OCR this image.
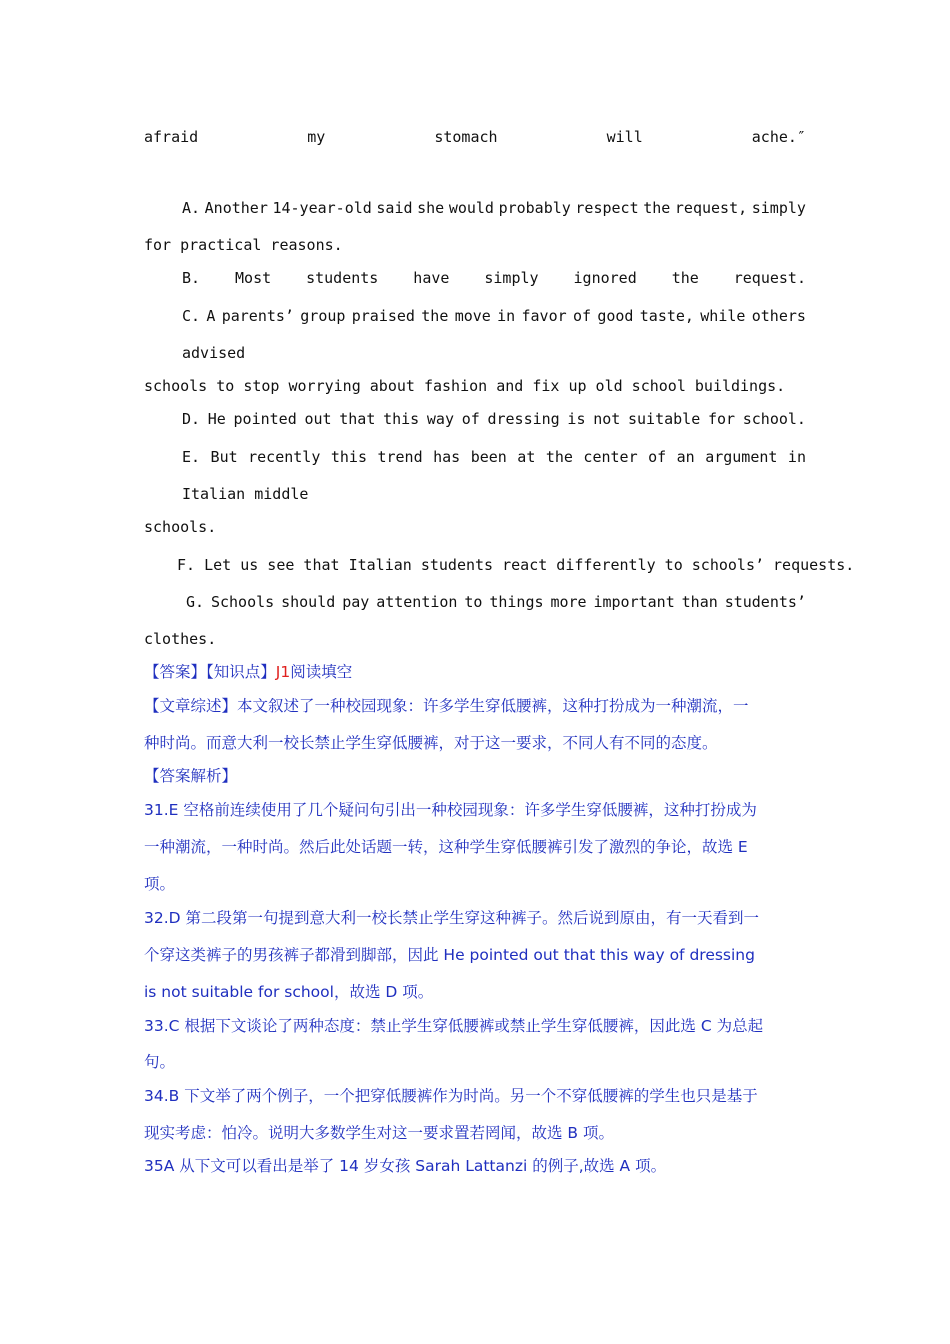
afraid	my	stomach	will	ache.″
A. Another 14-year-old said she would probably respect the request, simply
for practical reasons.
B. Most students have simply ignored the request.
C. A parents’ group praised the move in favor of good taste, while others
advised
schools to stop worrying about fashion and fix up old school buildings.
D. He pointed out that this way of dressing is not suitable for school.
E. But recently this trend has been at the center of an argument in
Italian middle
schools.
F. Let us see that Italian students react differently to schools’ requests.
G. Schools should pay attention to things more important than students’
clothes.
【答案】【知识点】J1阅读填空
【文章综述】本文叙述了一种校园现象：许多学生穿低腰裤，这种打扮成为一种潮流，一
种时尚。而意大利一校长禁止学生穿低腰裤，对于这一要求，不同人有不同的态度。
【答案解析】
31.E 空格前连续使用了几个疑问句引出一种校园现象：许多学生穿低腰裤，这种打扮成为
一种潮流，一种时尚。然后此处话题一转，这种学生穿低腰裤引发了激烈的争论，故选 E
项。
32.D 第二段第一句提到意大利一校长禁止学生穿这种裤子。然后说到原由，有一天看到一
个穿这类裤子的男孩裤子都滑到脚部，因此 He pointed out that this way of dressing
is not suitable for school，故选 D 项。
33.C 根据下文谈论了两种态度：禁止学生穿低腰裤或禁止学生穿低腰裤，因此选 C 为总起
句。
34.B 下文举了两个例子，一个把穿低腰裤作为时尚。另一个不穿低腰裤的学生也只是基于
现实考虑：怕冷。说明大多数学生对这一要求置若罔闻，故选 B 项。
35A 从下文可以看出是举了 14 岁女孩 Sarah Lattanzi 的例子,故选 A 项。
